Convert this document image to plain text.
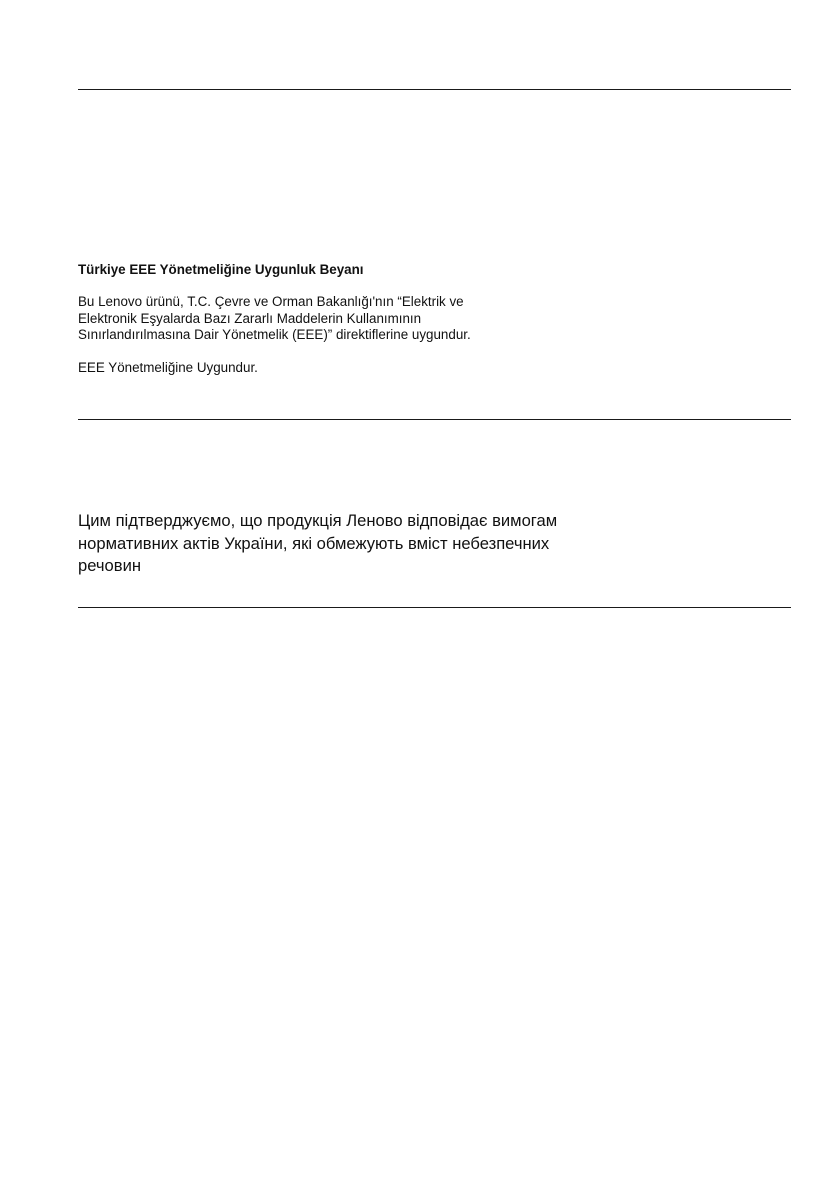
Türkiye EEE Yönetmeliğine Uygunluk Beyanı
Bu Lenovo ürünü, T.C. Çevre ve Orman Bakanlığı'nın “Elektrik ve
Elektronik Eşyalarda Bazı Zararlı Maddelerin Kullanımının
Sınırlandırılmasına Dair Yönetmelik (EEE)” direktiflerine uygundur.
EEE Yönetmeliğine Uygundur.
Цим підтверджуємо, що продукція Леново відповідає вимогам
нормативних актів України, які обмежують вміст небезпечних
речовин
